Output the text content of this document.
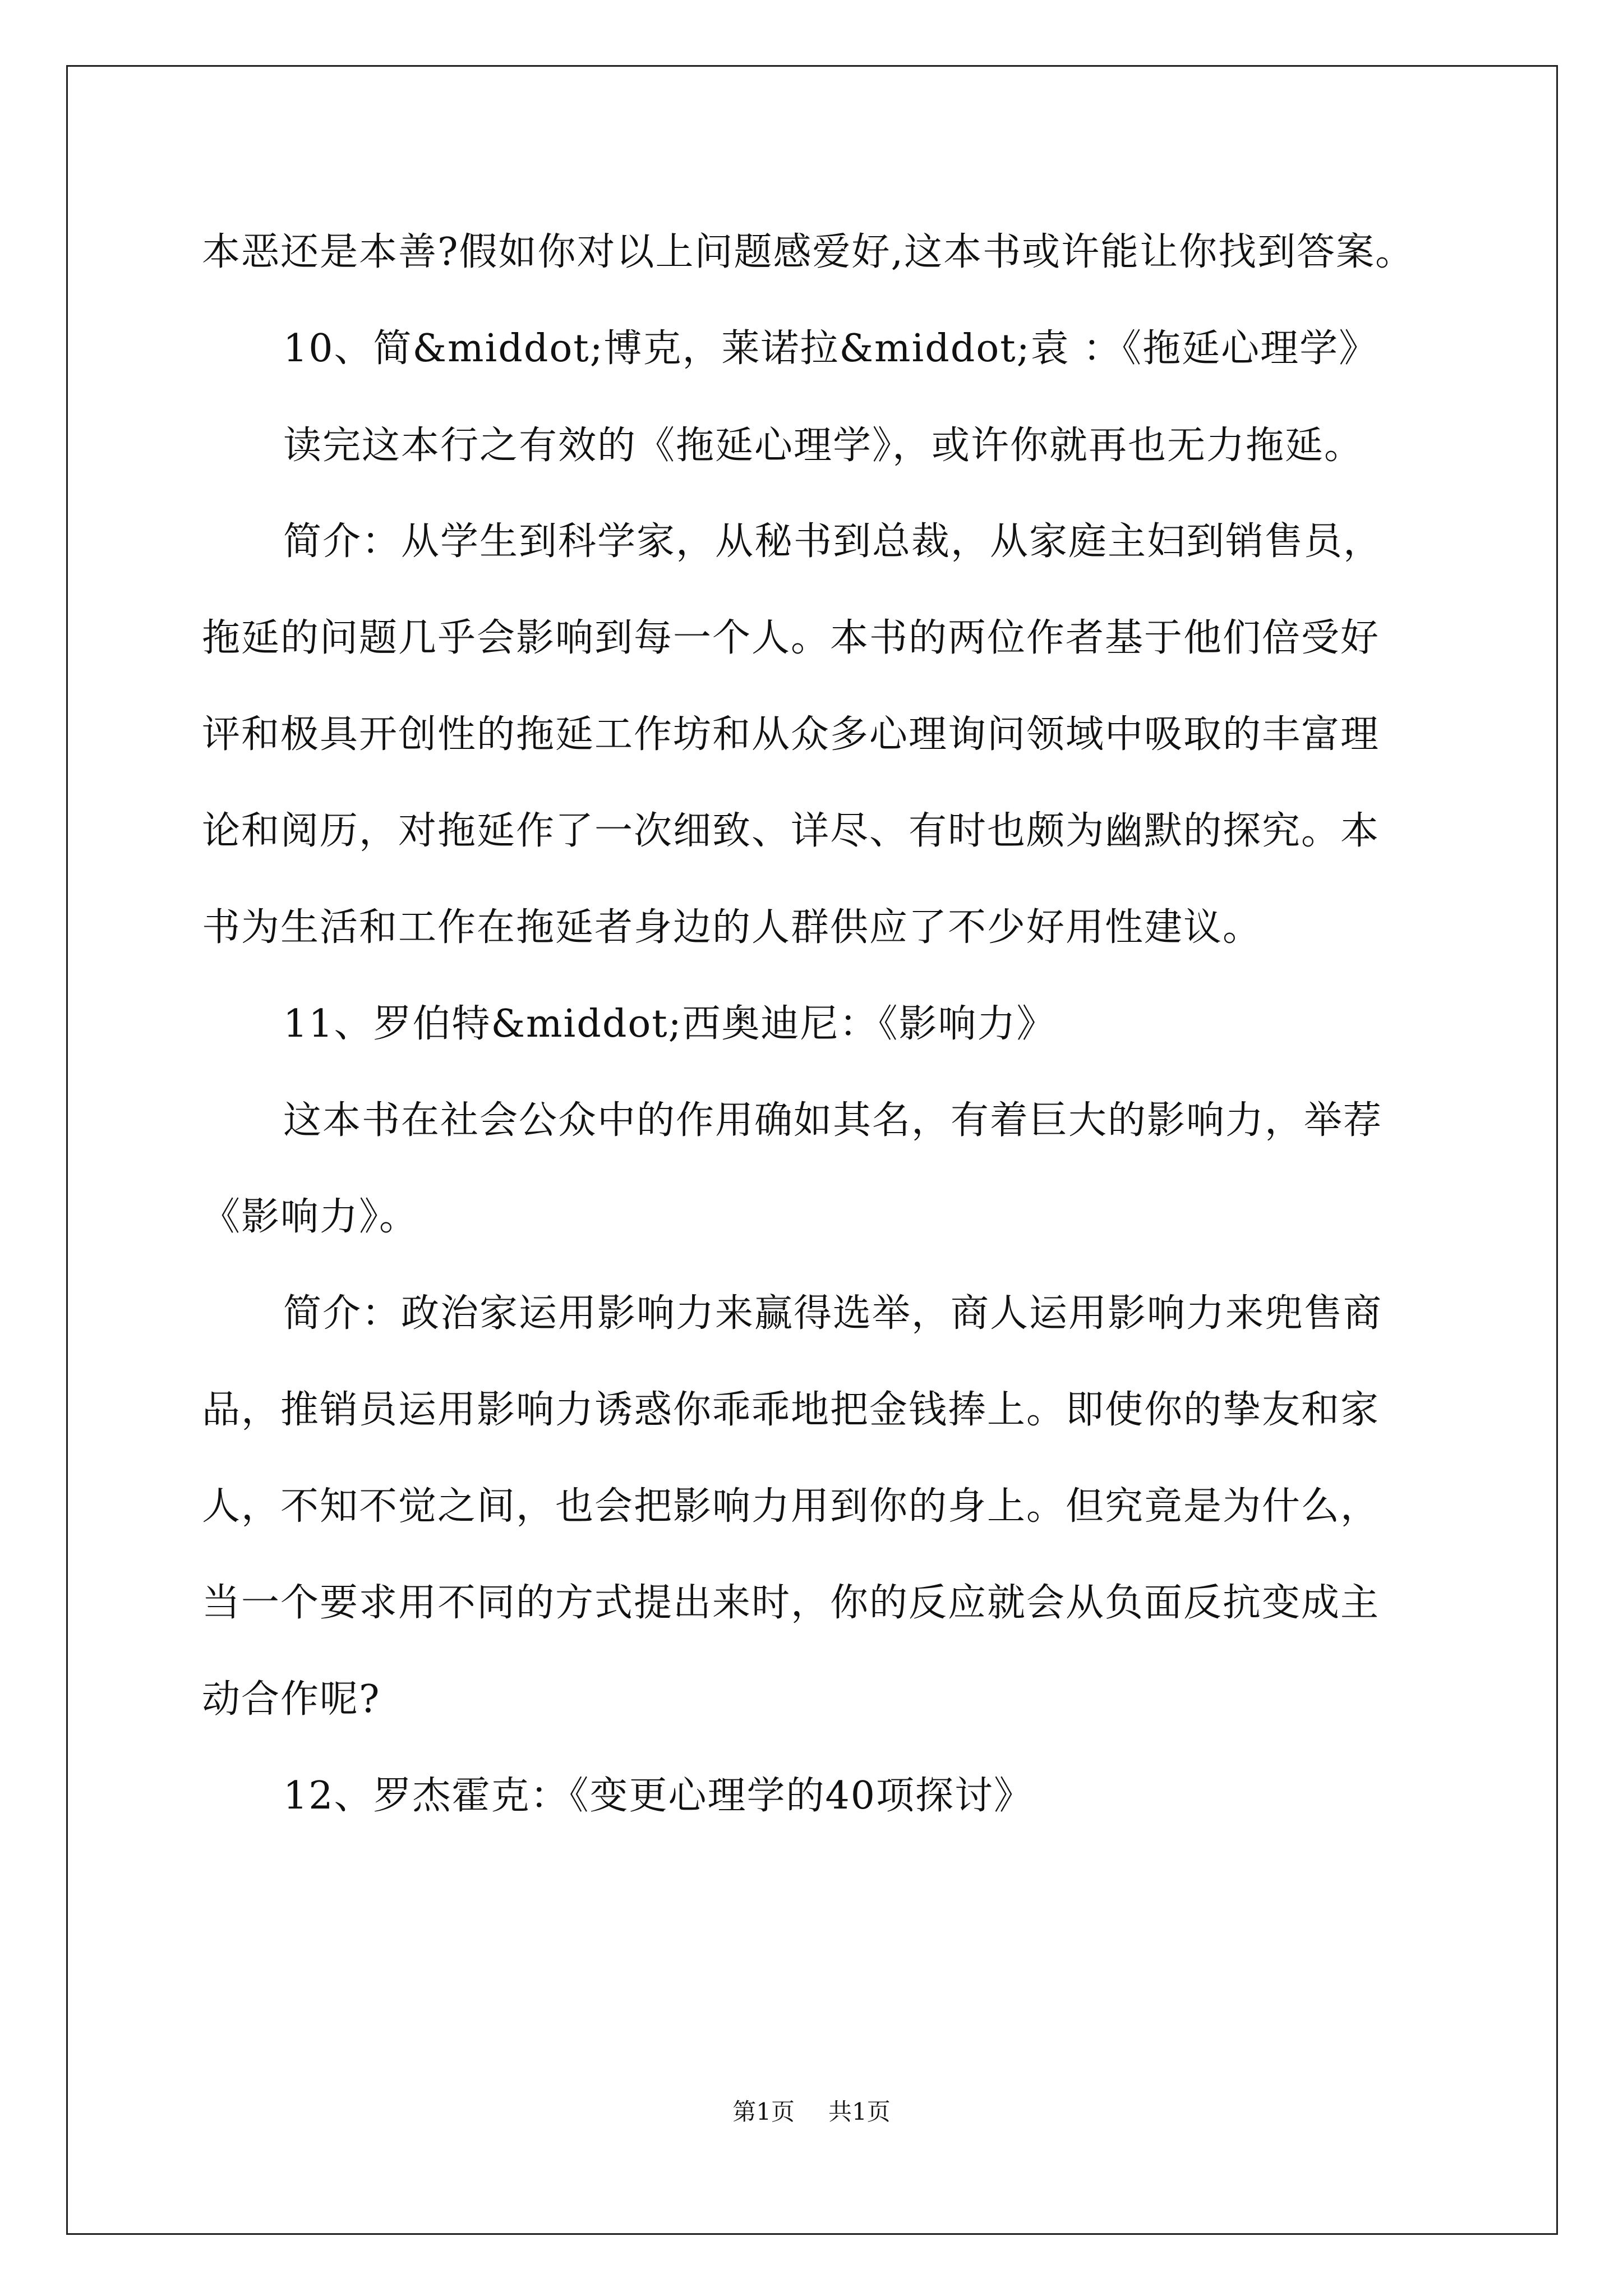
本恶还是本善?假如你对以上问题感爱好,这本书或许能让你找到答案。
10、简&middot;博克，莱诺拉&middot;袁 ：《拖延心理学》
读完这本行之有效的《拖延心理学》，或许你就再也无力拖延。
简介：从学生到科学家，从秘书到总裁，从家庭主妇到销售员，
拖延的问题几乎会影响到每一个人。本书的两位作者基于他们倍受好
评和极具开创性的拖延工作坊和从众多心理询问领域中吸取的丰富理
论和阅历，对拖延作了一次细致、详尽、有时也颇为幽默的探究。本
书为生活和工作在拖延者身边的人群供应了不少好用性建议。
11、罗伯特&middot;西奥迪尼：《影响力》
这本书在社会公众中的作用确如其名，有着巨大的影响力，举荐
《影响力》。
简介：政治家运用影响力来赢得选举，商人运用影响力来兜售商
品，推销员运用影响力诱惑你乖乖地把金钱捧上。即使你的挚友和家
人，不知不觉之间，也会把影响力用到你的身上。但究竟是为什么，
当一个要求用不同的方式提出来时，你的反应就会从负面反抗变成主
动合作呢?
12、罗杰霍克：《变更心理学的40项探讨》
第1页 共1页
